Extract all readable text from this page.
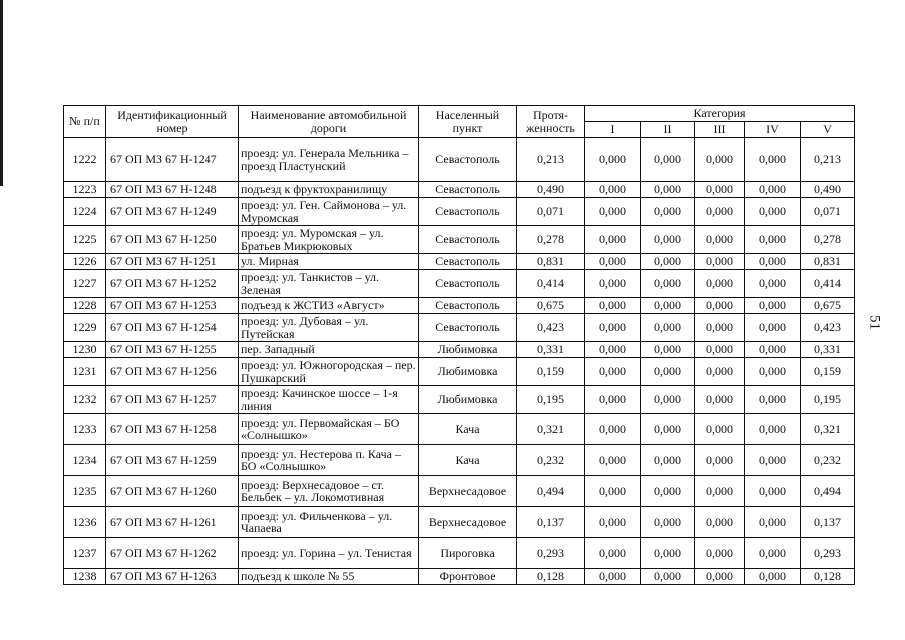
51
№ п/п	Идентификационный номер	Наименование автомобильной дороги	Населенный пункт	Протя-женность	Категория				
					I	II	III	IV	V
1222	67 ОП МЗ 67 Н-1247	проезд: ул. Генерала Мельника – проезд Пластунский	Севастополь	0,213	0,000	0,000	0,000	0,000	0,213
1223	67 ОП МЗ 67 Н-1248	подъезд к фруктохранилищу	Севастополь	0,490	0,000	0,000	0,000	0,000	0,490
1224	67 ОП МЗ 67 Н-1249	проезд: ул. Ген. Саймонова – ул. Муромская	Севастополь	0,071	0,000	0,000	0,000	0,000	0,071
1225	67 ОП МЗ 67 Н-1250	проезд: ул. Муромская – ул. Братьев Микрюковых	Севастополь	0,278	0,000	0,000	0,000	0,000	0,278
1226	67 ОП МЗ 67 Н-1251	ул. Мирная	Севастополь	0,831	0,000	0,000	0,000	0,000	0,831
1227	67 ОП МЗ 67 Н-1252	проезд: ул. Танкистов – ул. Зеленая	Севастополь	0,414	0,000	0,000	0,000	0,000	0,414
1228	67 ОП МЗ 67 Н-1253	подъезд к ЖСТИЗ «Август»	Севастополь	0,675	0,000	0,000	0,000	0,000	0,675
1229	67 ОП МЗ 67 Н-1254	проезд: ул. Дубовая – ул. Путейская	Севастополь	0,423	0,000	0,000	0,000	0,000	0,423
1230	67 ОП МЗ 67 Н-1255	пер. Западный	Любимовка	0,331	0,000	0,000	0,000	0,000	0,331
1231	67 ОП МЗ 67 Н-1256	проезд: ул. Южногородская – пер. Пушкарский	Любимовка	0,159	0,000	0,000	0,000	0,000	0,159
1232	67 ОП МЗ 67 Н-1257	проезд: Качинское шоссе – 1-я линия	Любимовка	0,195	0,000	0,000	0,000	0,000	0,195
1233	67 ОП МЗ 67 Н-1258	проезд: ул. Первомайская – БО «Солнышко»	Кача	0,321	0,000	0,000	0,000	0,000	0,321
1234	67 ОП МЗ 67 Н-1259	проезд: ул. Нестерова п. Кача – БО «Солнышко»	Кача	0,232	0,000	0,000	0,000	0,000	0,232
1235	67 ОП МЗ 67 Н-1260	проезд: Верхнесадовое – ст. Бельбек – ул. Локомотивная	Верхнесадовое	0,494	0,000	0,000	0,000	0,000	0,494
1236	67 ОП МЗ 67 Н-1261	проезд: ул. Фильченкова – ул. Чапаева	Верхнесадовое	0,137	0,000	0,000	0,000	0,000	0,137
1237	67 ОП МЗ 67 Н-1262	проезд: ул. Горина – ул. Тенистая	Пироговка	0,293	0,000	0,000	0,000	0,000	0,293
1238	67 ОП МЗ 67 Н-1263	подъезд к школе № 55	Фронтовое	0,128	0,000	0,000	0,000	0,000	0,128
